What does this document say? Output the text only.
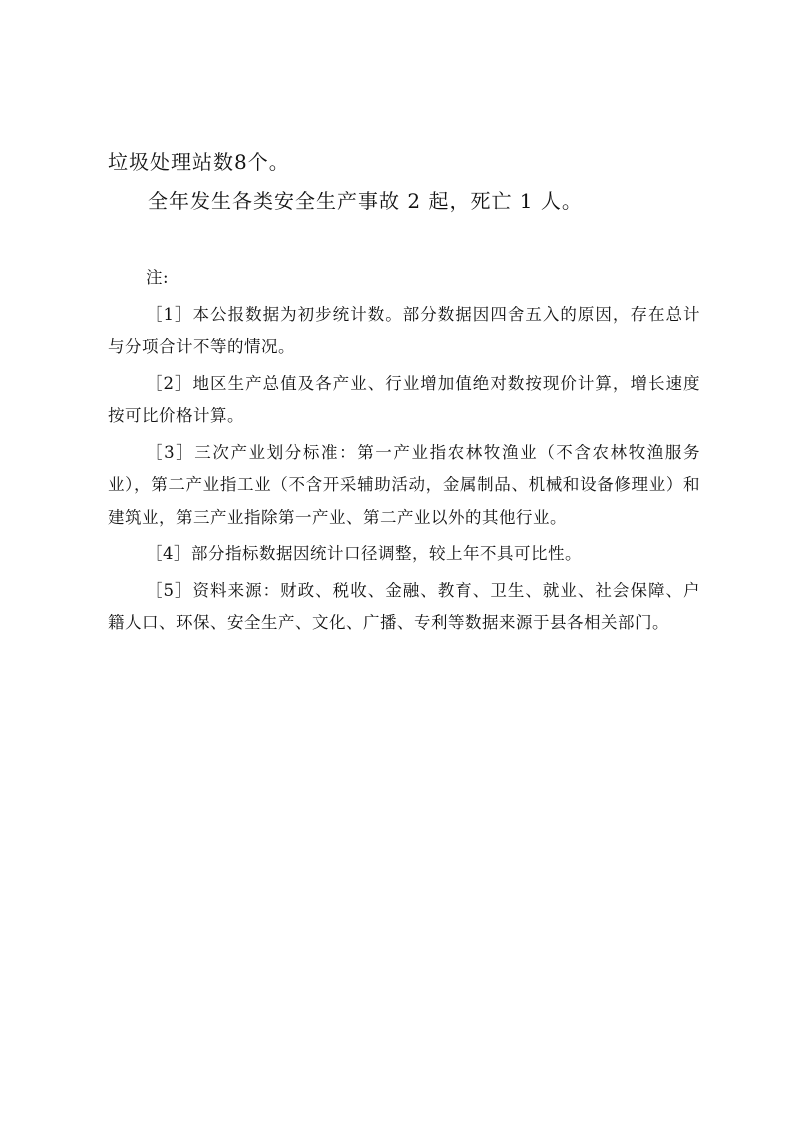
垃圾处理站数8个。

全年发生各类安全生产事故 2 起，死亡 1 人。

注:

［1］本公报数据为初步统计数。部分数据因四舍五入的原因，存在总计与分项合计不等的情况。

［2］地区生产总值及各产业、行业增加值绝对数按现价计算，增长速度按可比价格计算。

［3］三次产业划分标准：第一产业指农林牧渔业（不含农林牧渔服务业），第二产业指工业（不含开采辅助活动，金属制品、机械和设备修理业）和建筑业，第三产业指除第一产业、第二产业以外的其他行业。

［4］部分指标数据因统计口径调整，较上年不具可比性。

［5］资料来源：财政、税收、金融、教育、卫生、就业、社会保障、户籍人口、环保、安全生产、文化、广播、专利等数据来源于县各相关部门。
